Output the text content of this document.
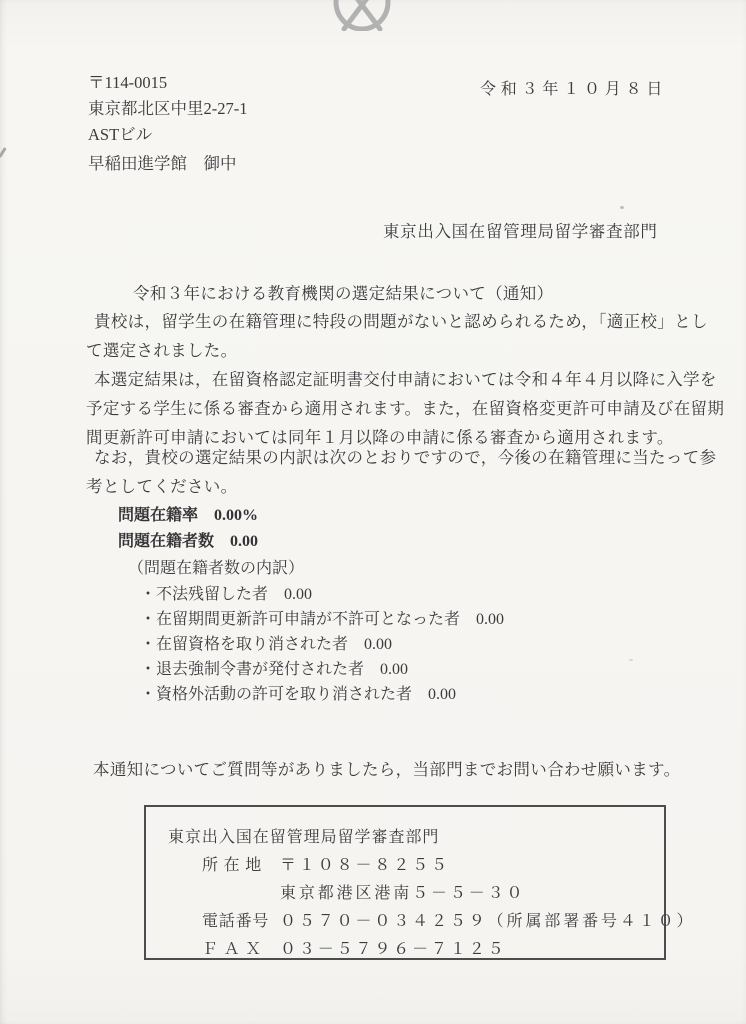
〒114-0015
東京都北区中里2-27-1
ASTビル
早稲田進学館　御中
令和３年１０月８日
東京出入国在留管理局留学審査部門
令和３年における教育機関の選定結果について（通知）
貴校は，留学生の在籍管理に特段の問題がないと認められるため，「適正校」とし
て選定されました。
本選定結果は，在留資格認定証明書交付申請においては令和４年４月以降に入学を
予定する学生に係る審査から適用されます。また，在留資格変更許可申請及び在留期
間更新許可申請においては同年１月以降の申請に係る審査から適用されます。
なお，貴校の選定結果の内訳は次のとおりですので，今後の在籍管理に当たって参
考としてください。
問題在籍率 0.00%
問題在籍者数 0.00
（問題在籍者数の内訳）
・不法残留した者 0.00
・在留期間更新許可申請が不許可となった者 0.00
・在留資格を取り消された者 0.00
・退去強制令書が発付された者 0.00
・資格外活動の許可を取り消された者 0.00
本通知についてご質問等がありましたら，当部門までお問い合わせ願います。
東京出入国在留管理局留学審査部門
所 在 地 〒１０８－８２５５
東京都港区港南５－５－３０
電話番号 ０５７０－０３４２５９（所属部署番号４１０）
Ｆ Ａ Ｘ ０３－５７９６－７１２５
